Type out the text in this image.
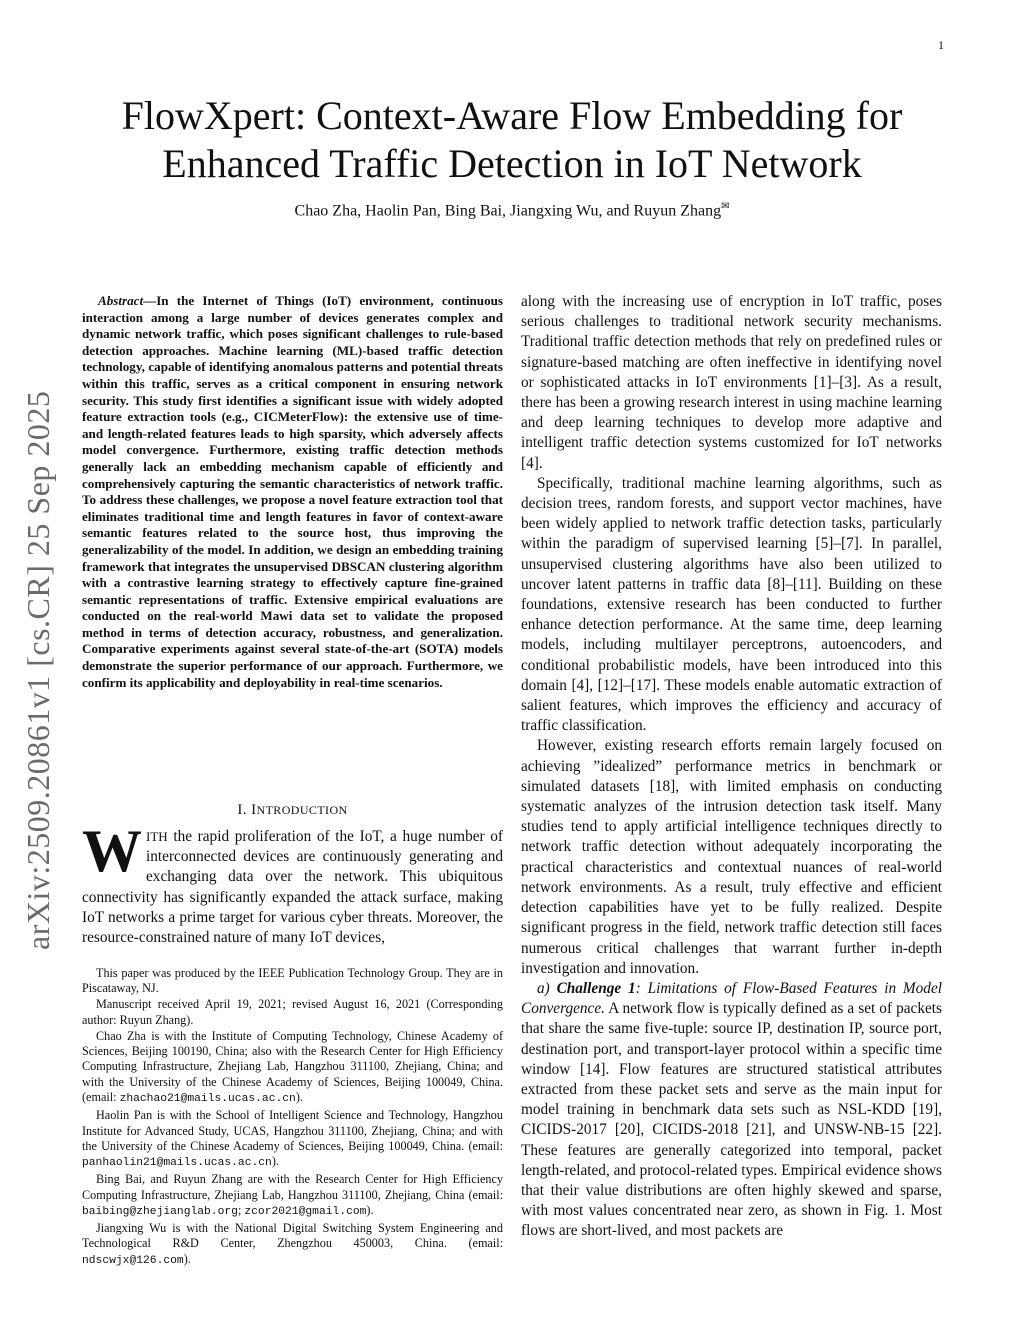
1
arXiv:2509.20861v1 [cs.CR] 25 Sep 2025
FlowXpert: Context-Aware Flow Embedding for
Enhanced Traffic Detection in IoT Network
Chao Zha, Haolin Pan, Bing Bai, Jiangxing Wu, and Ruyun Zhang✉
Abstract—In the Internet of Things (IoT) environment, continuous interaction among a large number of devices generates complex and dynamic network traffic, which poses significant challenges to rule-based detection approaches. Machine learning (ML)-based traffic detection technology, capable of identifying anomalous patterns and potential threats within this traffic, serves as a critical component in ensuring network security. This study first identifies a significant issue with widely adopted feature extraction tools (e.g., CICMeterFlow): the extensive use of time- and length-related features leads to high sparsity, which adversely affects model convergence. Furthermore, existing traffic detection methods generally lack an embedding mechanism capable of efficiently and comprehensively capturing the semantic characteristics of network traffic. To address these challenges, we propose a novel feature extraction tool that eliminates traditional time and length features in favor of context-aware semantic features related to the source host, thus improving the generalizability of the model. In addition, we design an embedding training framework that integrates the unsupervised DBSCAN clustering algorithm with a contrastive learning strategy to effectively capture fine-grained semantic representations of traffic. Extensive empirical evaluations are conducted on the real-world Mawi data set to validate the proposed method in terms of detection accuracy, robustness, and generalization. Comparative experiments against several state-of-the-art (SOTA) models demonstrate the superior performance of our approach. Furthermore, we confirm its applicability and deployability in real-time scenarios.
I. INTRODUCTION
WITH the rapid proliferation of the IoT, a huge number of interconnected devices are continuously generating and exchanging data over the network. This ubiquitous connectivity has significantly expanded the attack surface, making IoT networks a prime target for various cyber threats. Moreover, the resource-constrained nature of many IoT devices,

This paper was produced by the IEEE Publication Technology Group. They are in Piscataway, NJ.

Manuscript received April 19, 2021; revised August 16, 2021 (Corresponding author: Ruyun Zhang).

Chao Zha is with the Institute of Computing Technology, Chinese Academy of Sciences, Beijing 100190, China; also with the Research Center for High Efficiency Computing Infrastructure, Zhejiang Lab, Hangzhou 311100, Zhejiang, China; and with the University of the Chinese Academy of Sciences, Beijing 100049, China. (email: zhachao21@mails.ucas.ac.cn).

Haolin Pan is with the School of Intelligent Science and Technology, Hangzhou Institute for Advanced Study, UCAS, Hangzhou 311100, Zhejiang, China; and with the University of the Chinese Academy of Sciences, Beijing 100049, China. (email: panhaolin21@mails.ucas.ac.cn).

Bing Bai, and Ruyun Zhang are with the Research Center for High Efficiency Computing Infrastructure, Zhejiang Lab, Hangzhou 311100, Zhejiang, China (email: baibing@zhejianglab.org; zcor2021@gmail.com).

Jiangxing Wu is with the National Digital Switching System Engineering and Technological R&D Center, Zhengzhou 450003, China. (email: ndscwjx@126.com).

along with the increasing use of encryption in IoT traffic, poses serious challenges to traditional network security mechanisms. Traditional traffic detection methods that rely on predefined rules or signature-based matching are often ineffective in identifying novel or sophisticated attacks in IoT environments [1]–[3]. As a result, there has been a growing research interest in using machine learning and deep learning techniques to develop more adaptive and intelligent traffic detection systems customized for IoT networks [4].

Specifically, traditional machine learning algorithms, such as decision trees, random forests, and support vector machines, have been widely applied to network traffic detection tasks, particularly within the paradigm of supervised learning [5]–[7]. In parallel, unsupervised clustering algorithms have also been utilized to uncover latent patterns in traffic data [8]–[11]. Building on these foundations, extensive research has been conducted to further enhance detection performance. At the same time, deep learning models, including multilayer perceptrons, autoencoders, and conditional probabilistic models, have been introduced into this domain [4], [12]–[17]. These models enable automatic extraction of salient features, which improves the efficiency and accuracy of traffic classification.

However, existing research efforts remain largely focused on achieving ”idealized” performance metrics in benchmark or simulated datasets [18], with limited emphasis on conducting systematic analyzes of the intrusion detection task itself. Many studies tend to apply artificial intelligence techniques directly to network traffic detection without adequately incorporating the practical characteristics and contextual nuances of real-world network environments. As a result, truly effective and efficient detection capabilities have yet to be fully realized. Despite significant progress in the field, network traffic detection still faces numerous critical challenges that warrant further in-depth investigation and innovation.

a) Challenge 1: Limitations of Flow-Based Features in Model Convergence. A network flow is typically defined as a set of packets that share the same five-tuple: source IP, destination IP, source port, destination port, and transport-layer protocol within a specific time window [14]. Flow features are structured statistical attributes extracted from these packet sets and serve as the main input for model training in benchmark data sets such as NSL-KDD [19], CICIDS-2017 [20], CICIDS-2018 [21], and UNSW-NB-15 [22]. These features are generally categorized into temporal, packet length-related, and protocol-related types. Empirical evidence shows that their value distributions are often highly skewed and sparse, with most values concentrated near zero, as shown in Fig. 1. Most flows are short-lived, and most packets are
